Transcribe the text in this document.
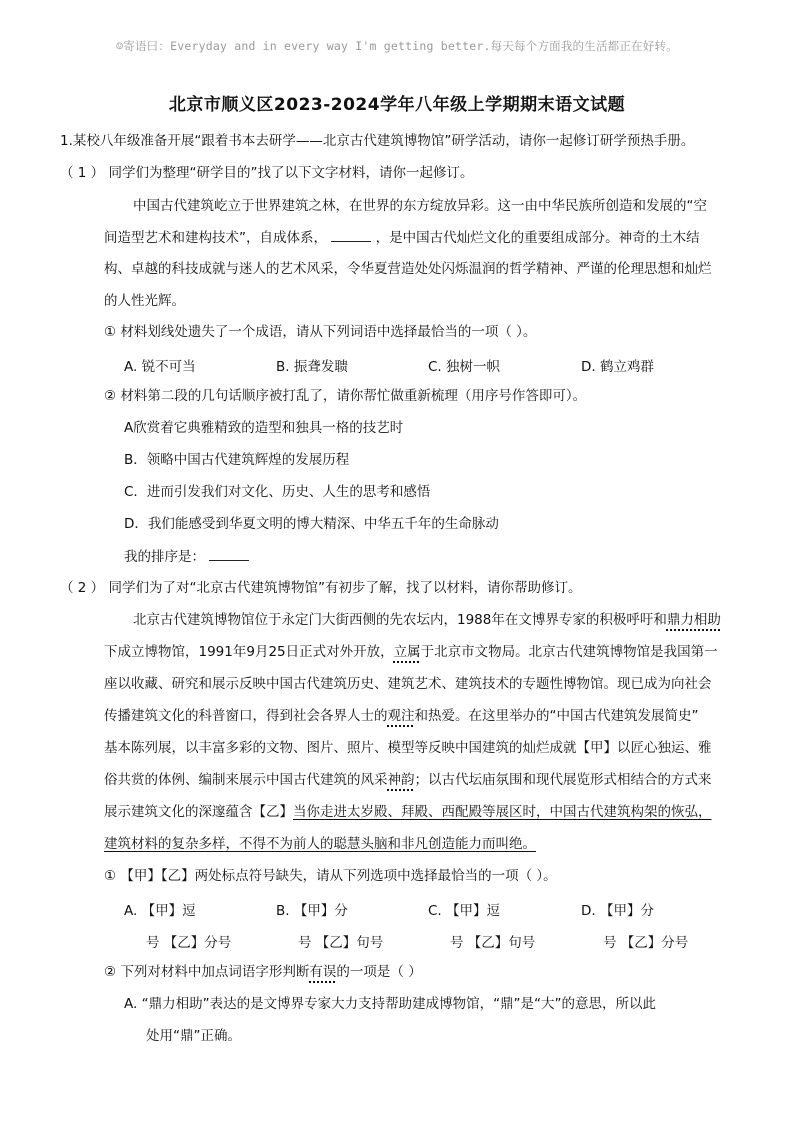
☺寄语曰：Everyday and in every way I'm getting better.每天每个方面我的生活都正在好转。
北京市顺义区2023-2024学年八年级上学期期末语文试题
1.某校八年级准备开展“跟着书本去研学——北京古代建筑博物馆”研学活动，请你一起修订研学预热手册。
（ 1 ） 同学们为整理“研学目的”找了以下文字材料，请你一起修订。
中国古代建筑屹立于世界建筑之林，在世界的东方绽放异彩。这一由中华民族所创造和发展的“空
间造型艺术和建构技术”，自成体系，	，是中国古代灿烂文化的重要组成部分。神奇的土木结
构、卓越的科技成就与迷人的艺术风采，令华夏营造处处闪烁温润的哲学精神、严谨的伦理思想和灿烂
的人性光辉。
① 材料划线处遗失了一个成语，请从下列词语中选择最恰当的一项（ ）。
A. 锐不可当	B. 振聋发聩	C. 独树一帜	D. 鹤立鸡群
② 材料第二段的几句话顺序被打乱了，请你帮忙做重新梳理（用序号作答即可）。
A欣赏着它典雅精致的造型和独具一格的技艺时
B．领略中国古代建筑辉煌的发展历程
C．进而引发我们对文化、历史、人生的思考和感悟
D．我们能感受到华夏文明的博大精深、中华五千年的生命脉动
我的排序是：
（ 2 ） 同学们为了对“北京古代建筑博物馆”有初步了解，找了以材料，请你帮助修订。
北京古代建筑博物馆位于永定门大街西侧的先农坛内，1988年在文博界专家的积极呼吁和鼎力相助
下成立博物馆，1991年9月25日正式对外开放，立属于北京市文物局。北京古代建筑博物馆是我国第一
座以收藏、研究和展示反映中国古代建筑历史、建筑艺术、建筑技术的专题性博物馆。现已成为向社会
传播建筑文化的科普窗口，得到社会各界人士的观注和热爱。在这里举办的“中国古代建筑发展简史”
基本陈列展，以丰富多彩的文物、图片、照片、模型等反映中国建筑的灿烂成就【甲】以匠心独运、雅
俗共赏的体例、编制来展示中国古代建筑的风采神韵；以古代坛庙氛围和现代展览形式相结合的方式来
展示建筑文化的深邃蕴含【乙】当你走进太岁殿、拜殿、西配殿等展区时，中国古代建筑构架的恢弘，
建筑材料的复杂多样，不得不为前人的聪慧头脑和非凡创造能力而叫绝。
① 【甲】【乙】两处标点符号缺失，请从下列选项中选择最恰当的一项（ ）。
A. 【甲】逗	B. 【甲】分	C. 【甲】逗	D. 【甲】分
号 【乙】分号	号 【乙】句号	号 【乙】句号	号 【乙】分号
② 下列对材料中加点词语字形判断有误的一项是（ ）
A. “鼎力相助”表达的是文博界专家大力支持帮助建成博物馆，“鼎”是“大”的意思，所以此
处用“鼎”正确。
